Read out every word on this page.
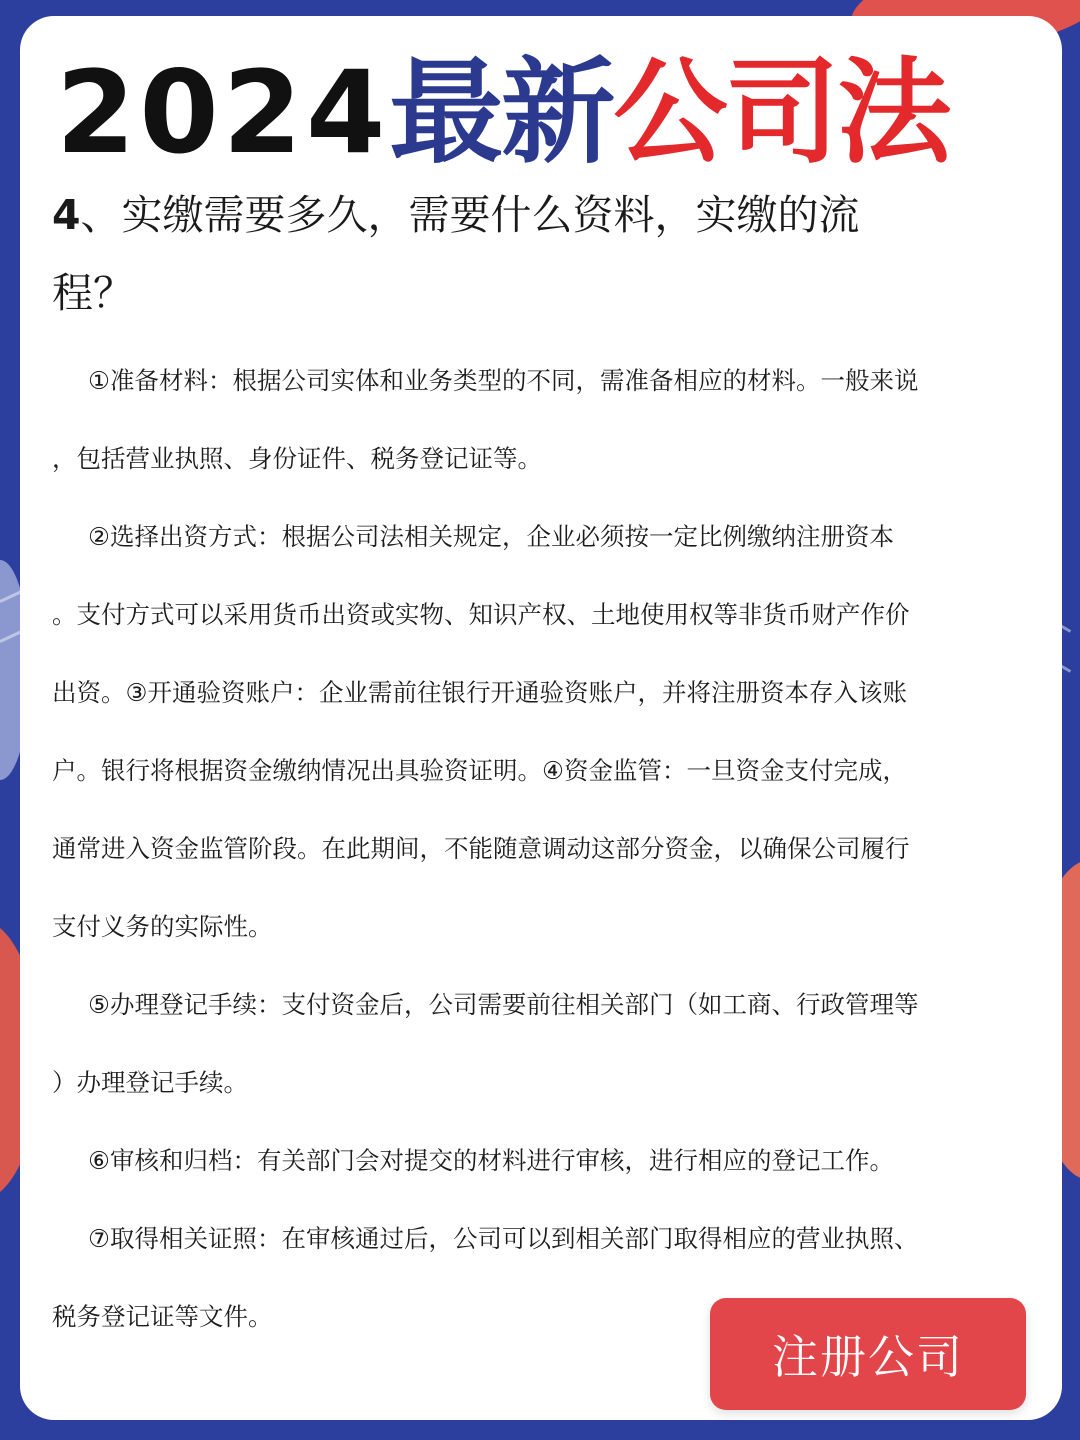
2024最新公司法
4、实缴需要多久，需要什么资料，实缴的流
程？

①准备材料：根据公司实体和业务类型的不同，需准备相应的材料。一般来说
，包括营业执照、身份证件、税务登记证等。

②选择出资方式：根据公司法相关规定，企业必须按一定比例缴纳注册资本
。支付方式可以采用货币出资或实物、知识产权、土地使用权等非货币财产作价
出资。③开通验资账户：企业需前往银行开通验资账户，并将注册资本存入该账
户。银行将根据资金缴纳情况出具验资证明。④资金监管：一旦资金支付完成，
通常进入资金监管阶段。在此期间，不能随意调动这部分资金，以确保公司履行
支付义务的实际性。

⑤办理登记手续：支付资金后，公司需要前往相关部门（如工商、行政管理等
）办理登记手续。

⑥审核和归档：有关部门会对提交的材料进行审核，进行相应的登记工作。

⑦取得相关证照：在审核通过后，公司可以到相关部门取得相应的营业执照、
税务登记证等文件。

注册公司
